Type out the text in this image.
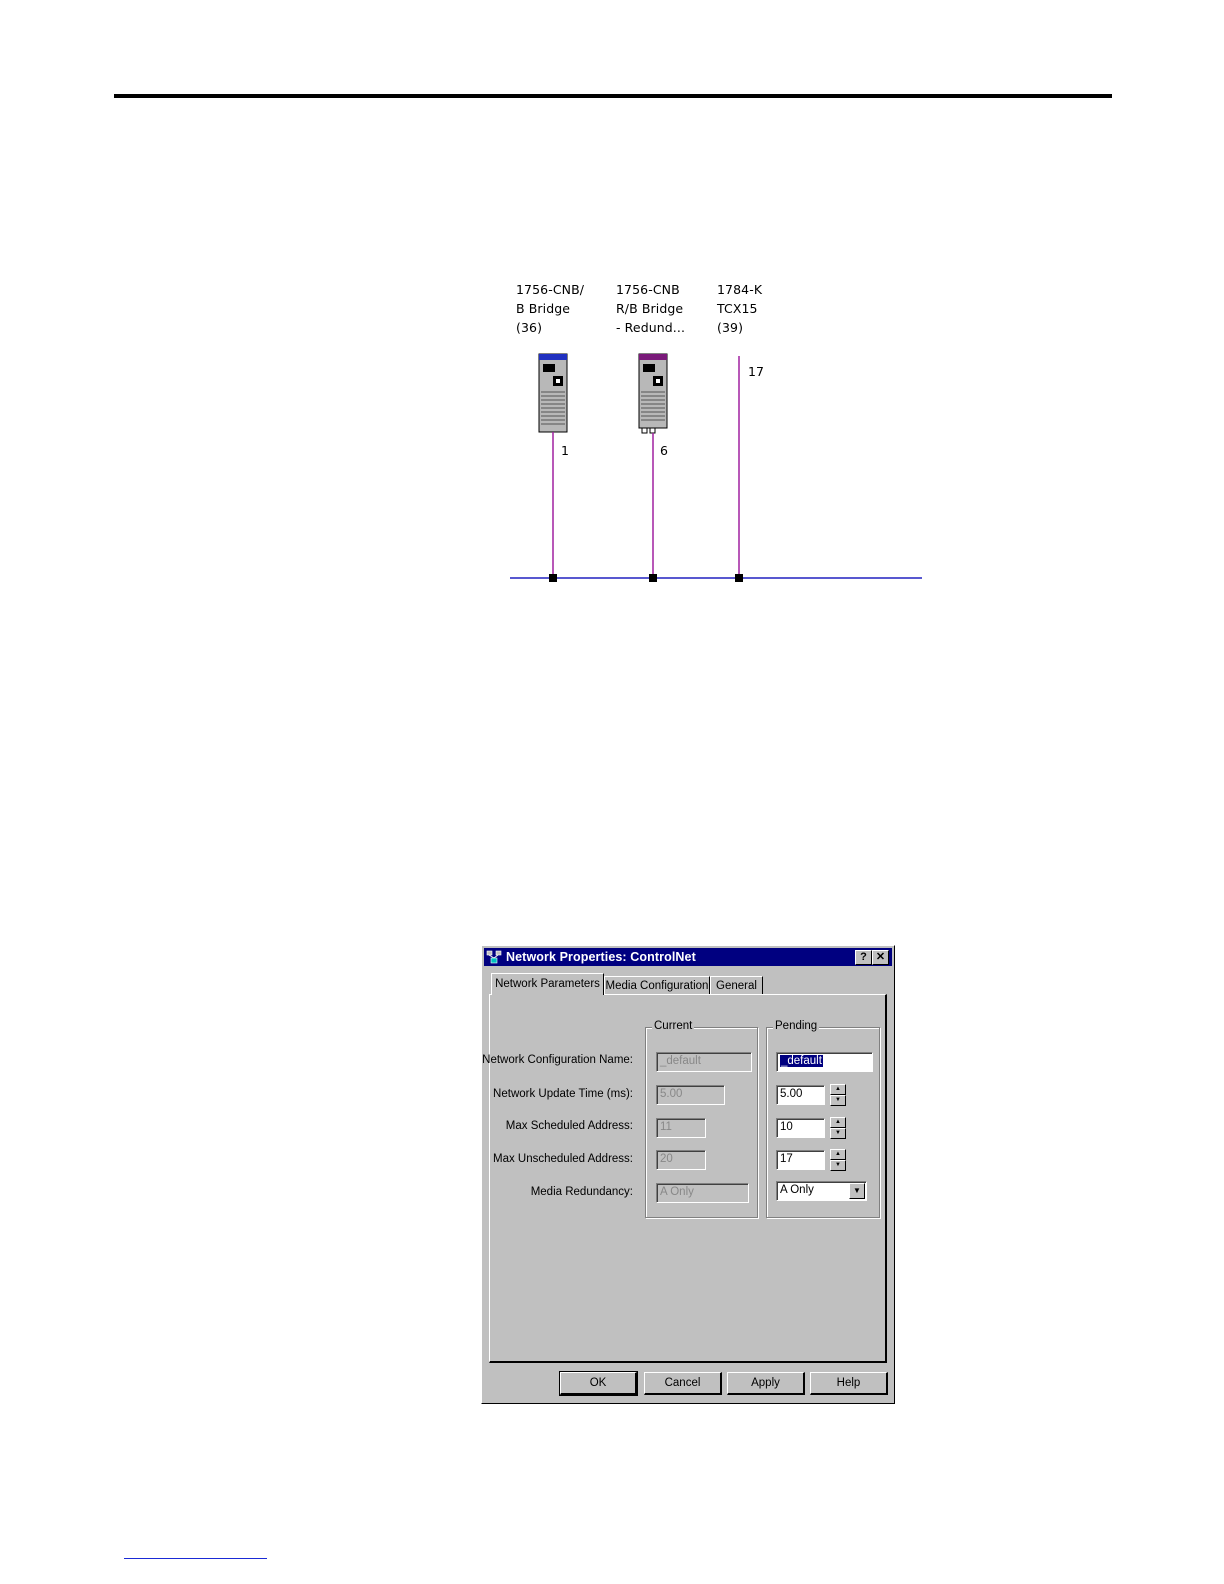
1756-CNB/
B Bridge
(36)
1756-CNB
R/B Bridge
- Redund...
1784-K
TCX15
(39)
1	6
17
Network Properties: ControlNet	? ✕
Network Parameters Media Configuration General
Current	Pending
Network Configuration Name:	_default	_default
Network Update Time (ms):	5.00	5.00	▲
▼
Max Scheduled Address:	11	10	▲
▼
Max Unscheduled Address:	20	17	▲
▼
Media Redundancy:	A Only	A Only	▼
OK	Cancel	Apply	Help
